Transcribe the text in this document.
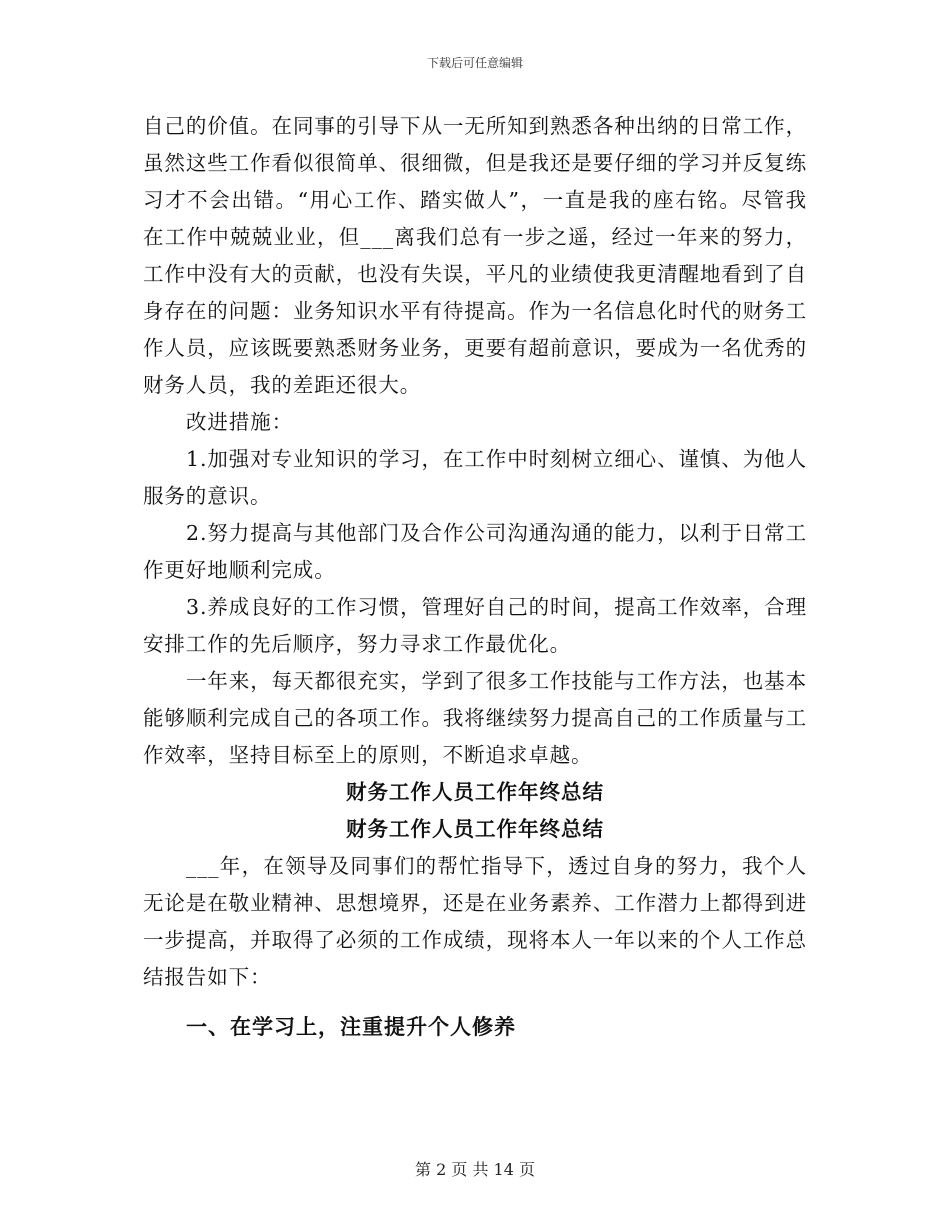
下载后可任意编辑

自己的价值。在同事的引导下从一无所知到熟悉各种出纳的日常工作，虽然这些工作看似很简单、很细微，但是我还是要仔细的学习并反复练习才不会出错。“用心工作、踏实做人”，一直是我的座右铭。尽管我在工作中兢兢业业，但___离我们总有一步之遥，经过一年来的努力，工作中没有大的贡献，也没有失误，平凡的业绩使我更清醒地看到了自身存在的问题：业务知识水平有待提高。作为一名信息化时代的财务工作人员，应该既要熟悉财务业务，更要有超前意识，要成为一名优秀的财务人员，我的差距还很大。

改进措施：

1.加强对专业知识的学习，在工作中时刻树立细心、谨慎、为他人服务的意识。

2.努力提高与其他部门及合作公司沟通沟通的能力，以利于日常工作更好地顺利完成。

3.养成良好的工作习惯，管理好自己的时间，提高工作效率，合理安排工作的先后顺序，努力寻求工作最优化。

一年来，每天都很充实，学到了很多工作技能与工作方法，也基本能够顺利完成自己的各项工作。我将继续努力提高自己的工作质量与工作效率，坚持目标至上的原则，不断追求卓越。

财务工作人员工作年终总结

财务工作人员工作年终总结

___年，在领导及同事们的帮忙指导下，透过自身的努力，我个人无论是在敬业精神、思想境界，还是在业务素养、工作潜力上都得到进一步提高，并取得了必须的工作成绩，现将本人一年以来的个人工作总结报告如下：

一、在学习上，注重提升个人修养

第 2 页 共 14 页
